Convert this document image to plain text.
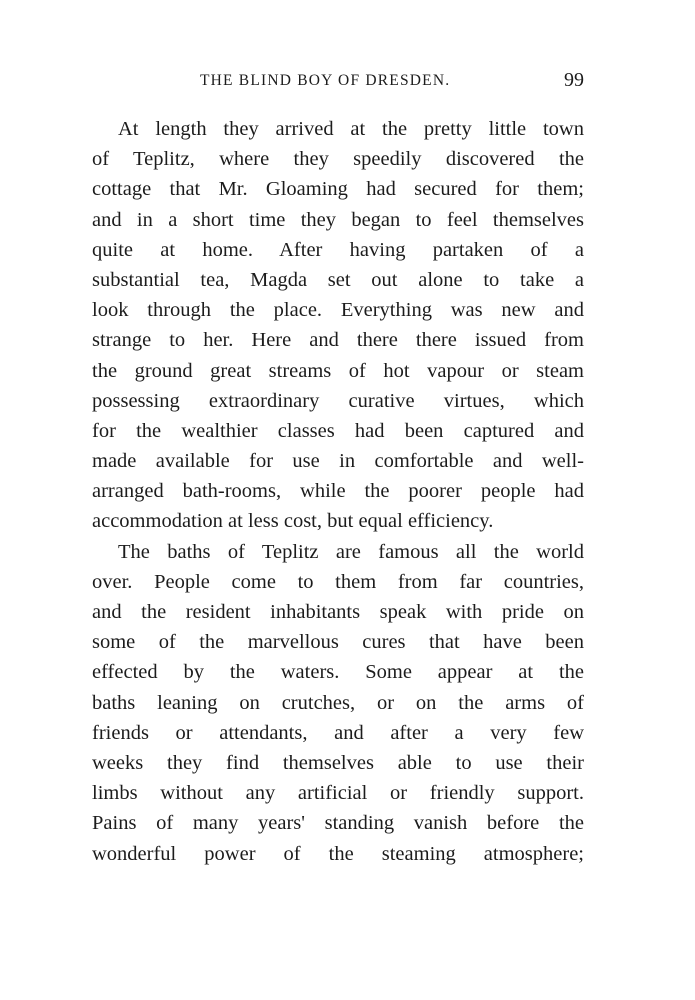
THE BLIND BOY OF DRESDEN.	99
At length they arrived at the pretty little town
of Teplitz, where they speedily discovered the
cottage that Mr. Gloaming had secured for them;
and in a short time they began to feel themselves
quite at home. After having partaken of a
substantial tea, Magda set out alone to take a
look through the place. Everything was new and
strange to her. Here and there there issued from
the ground great streams of hot vapour or steam
possessing extraordinary curative virtues, which
for the wealthier classes had been captured and
made available for use in comfortable and well-
arranged bath-rooms, while the poorer people had
accommodation at less cost, but equal efficiency.
The baths of Teplitz are famous all the world
over. People come to them from far countries,
and the resident inhabitants speak with pride on
some of the marvellous cures that have been
effected by the waters. Some appear at the
baths leaning on crutches, or on the arms of
friends or attendants, and after a very few
weeks they find themselves able to use their
limbs without any artificial or friendly support.
Pains of many years' standing vanish before the
wonderful power of the steaming atmosphere;
